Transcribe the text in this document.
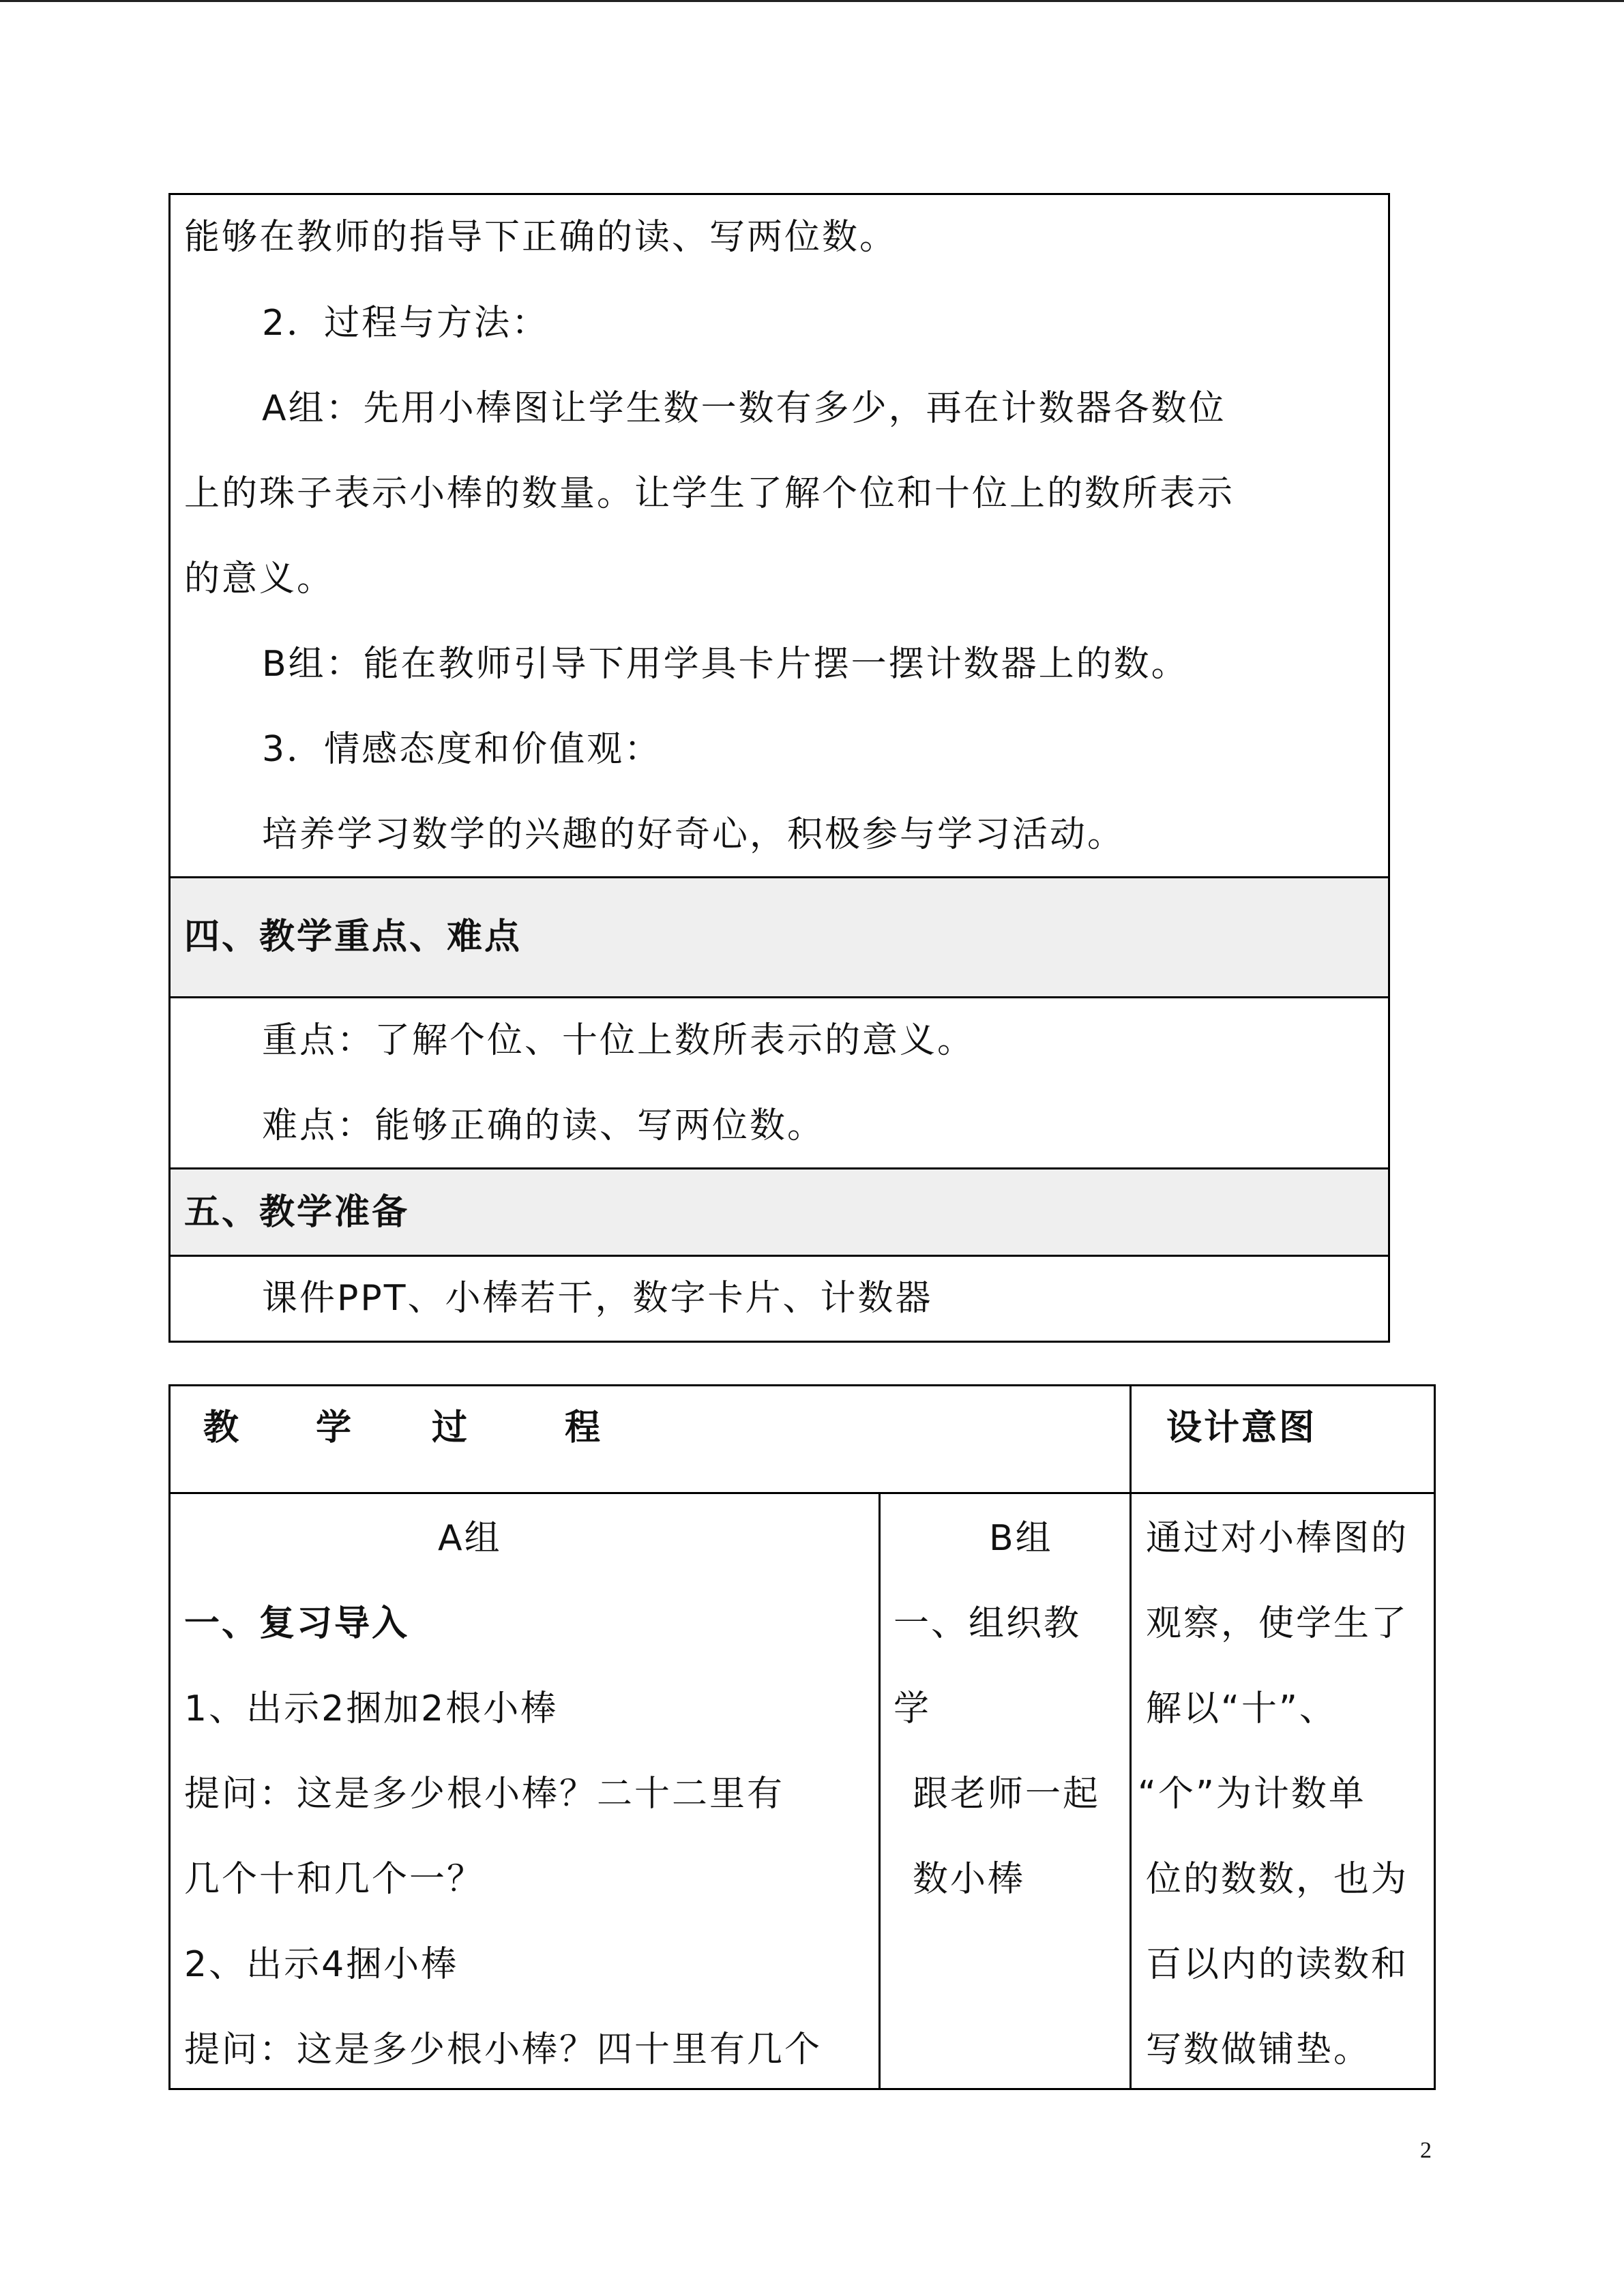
能够在教师的指导下正确的读、写两位数。

2．过程与方法：

A组：先用小棒图让学生数一数有多少，再在计数器各数位

上的珠子表示小棒的数量。让学生了解个位和十位上的数所表示

的意义。

B组：能在教师引导下用学具卡片摆一摆计数器上的数。

3．情感态度和价值观：

培养学习数学的兴趣的好奇心，积极参与学习活动。

四、教学重点、难点

重点：了解个位、十位上数所表示的意义。

难点：能够正确的读、写两位数。

五、教学准备

课件PPT、小棒若干，数字卡片、计数器

教 学 过	程	设计意图

A组

一、复习导入

1、出示2捆加2根小棒

提问：这是多少根小棒？二十二里有

几个十和几个一？

2、出示4捆小棒

提问：这是多少根小棒？四十里有几个

B组

一、组织教

学

跟老师一起

数小棒

通过对小棒图的

观察，使学生了

解以“十”、

“个”为计数单

位的数数，也为

百以内的读数和

写数做铺垫。

2
